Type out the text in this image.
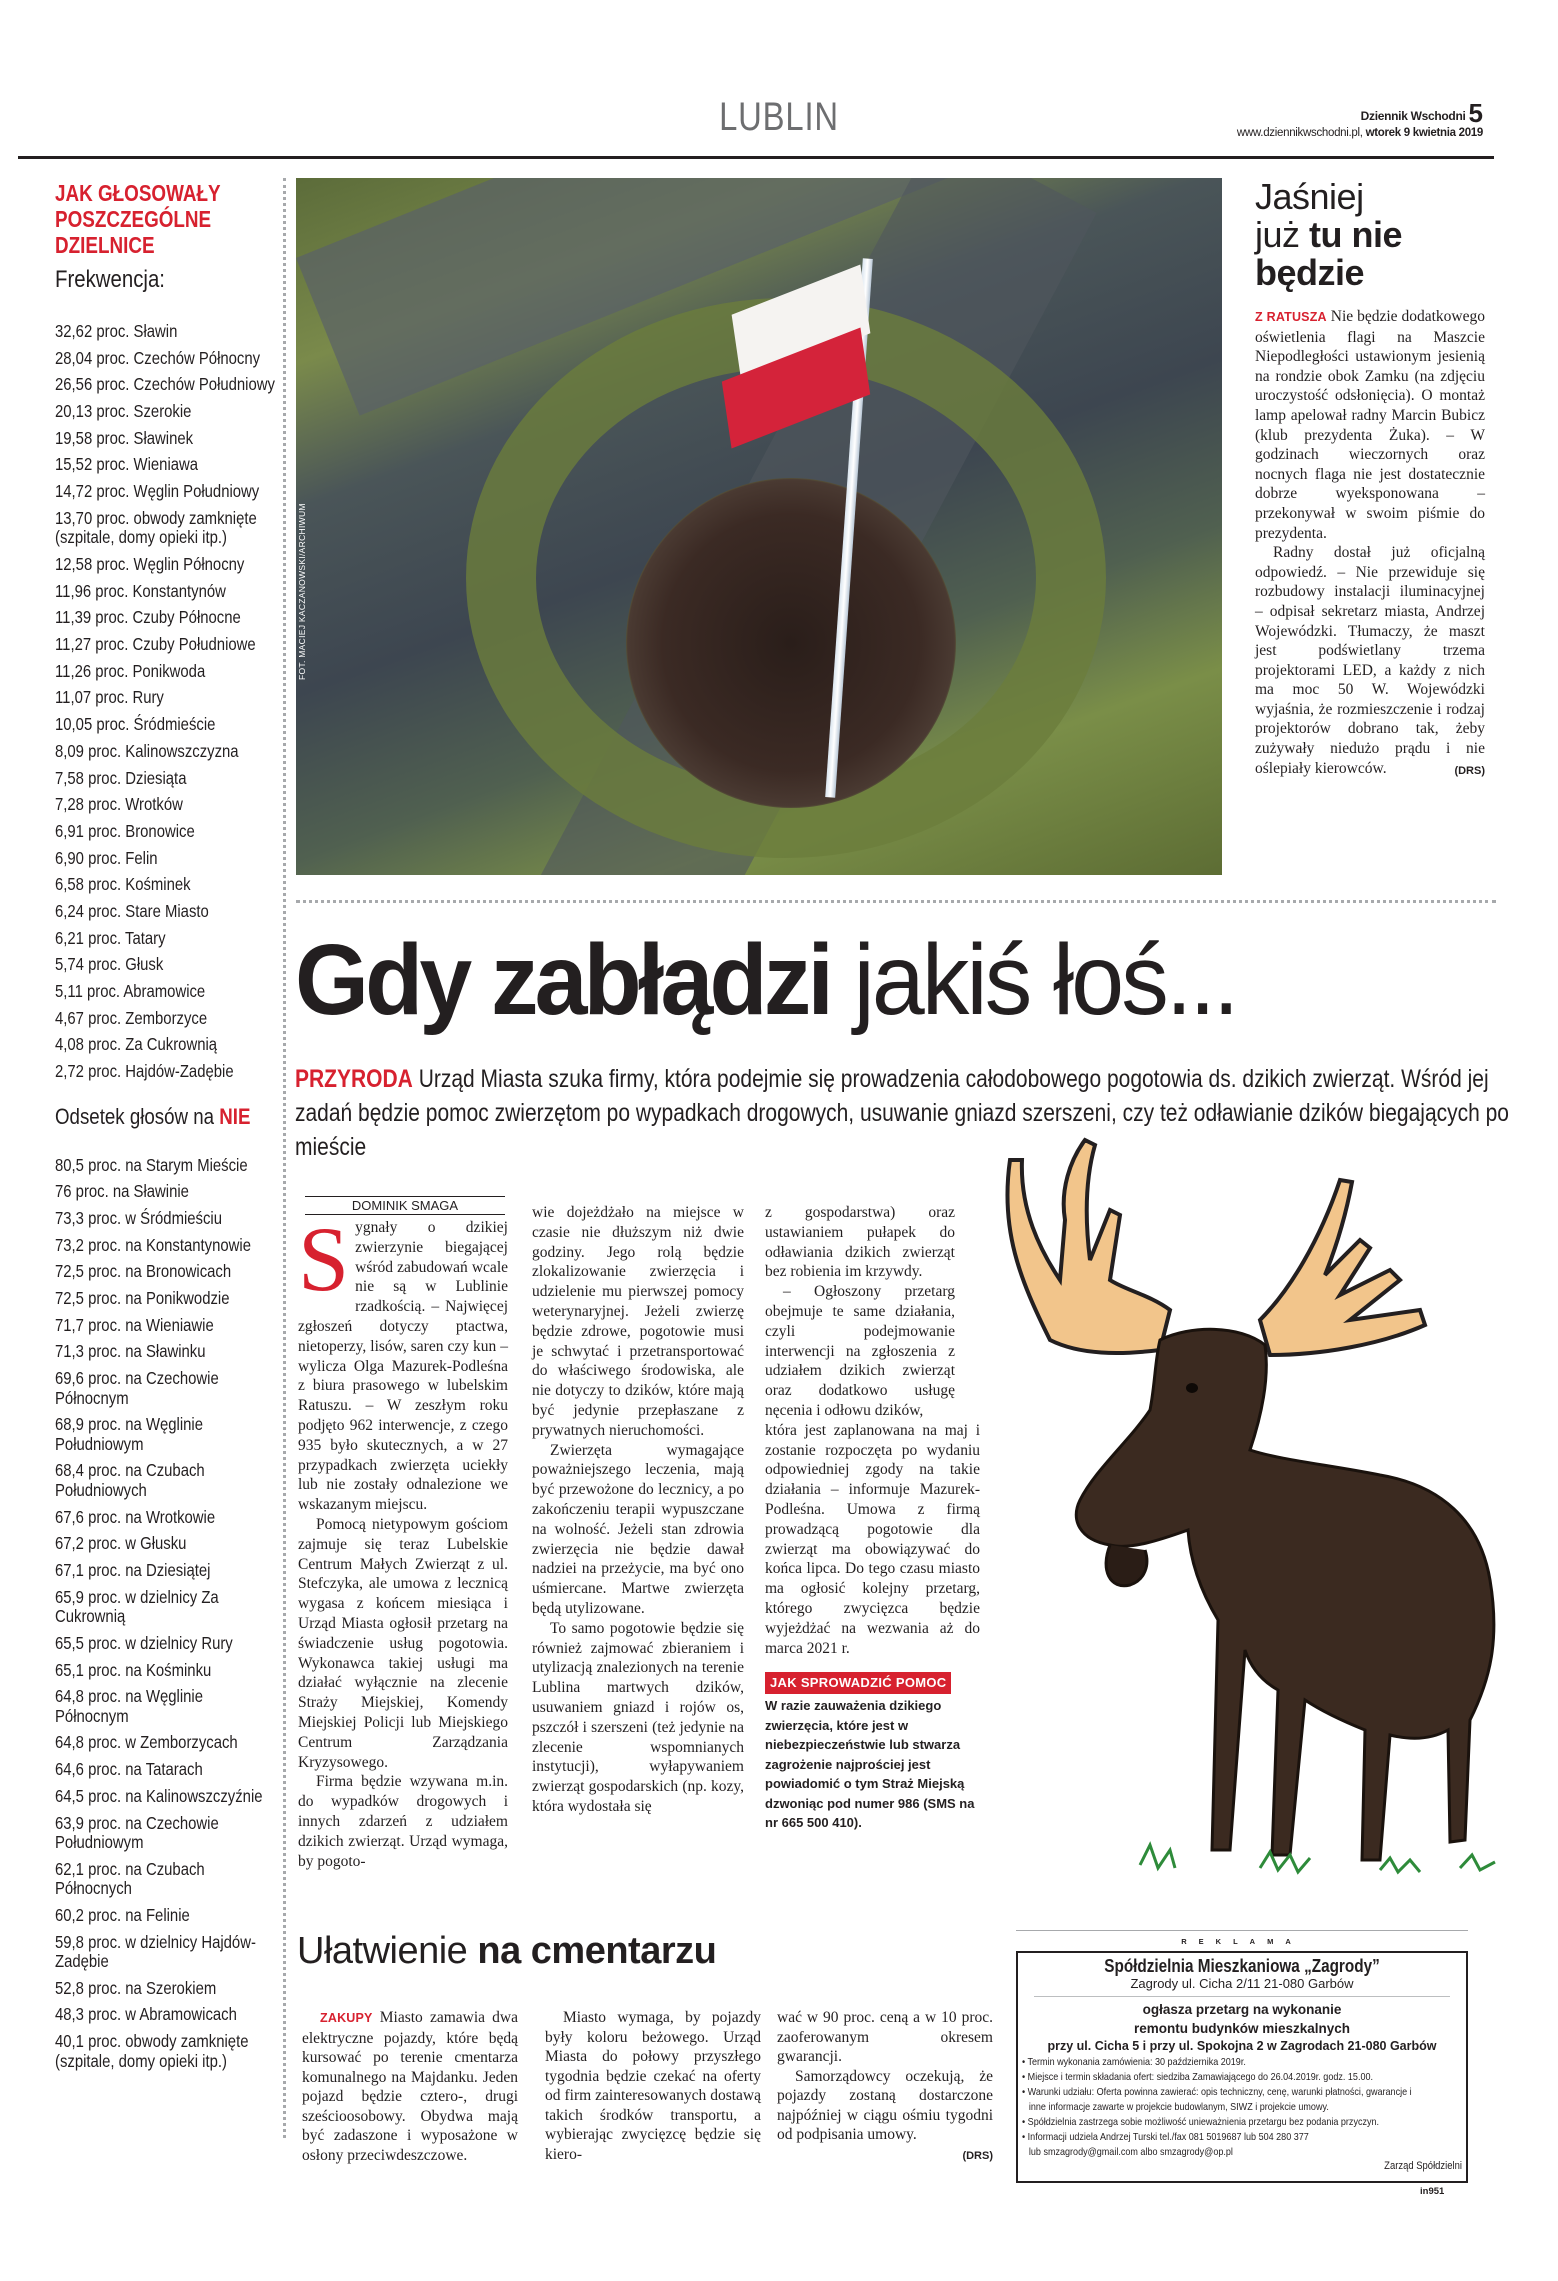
LUBLIN	Dziennik Wschodni 5
www.dziennikwschodni.pl, wtorek 9 kwietnia 2019
JAK GŁOSOWAŁY POSZCZEGÓLNE DZIELNICE
Frekwencja:
32,62 proc. Sławin
28,04 proc. Czechów Północny
26,56 proc. Czechów Południowy
20,13 proc. Szerokie
19,58 proc. Sławinek
15,52 proc. Wieniawa
14,72 proc. Węglin Południowy
13,70 proc. obwody zamknięte (szpitale, domy opieki itp.)
12,58 proc. Węglin Północny
11,96 proc. Konstantynów
11,39 proc. Czuby Północne
11,27 proc. Czuby Południowe
11,26 proc. Ponikwoda
11,07 proc. Rury
10,05 proc. Śródmieście
8,09 proc. Kalinowszczyzna
7,58 proc. Dziesiąta
7,28 proc. Wrotków
6,91 proc. Bronowice
6,90 proc. Felin
6,58 proc. Kośminek
6,24 proc. Stare Miasto
6,21 proc. Tatary
5,74 proc. Głusk
5,11 proc. Abramowice
4,67 proc. Zemborzyce
4,08 proc. Za Cukrownią
2,72 proc. Hajdów-Zadębie
Odsetek głosów na NIE
80,5 proc. na Starym Mieście
76 proc. na Sławinie
73,3 proc. w Śródmieściu
73,2 proc. na Konstantynowie
72,5 proc. na Bronowicach
72,5 proc. na Ponikwodzie
71,7 proc. na Wieniawie
71,3 proc. na Sławinku
69,6 proc. na Czechowie Północnym
68,9 proc. na Węglinie Południowym
68,4 proc. na Czubach Południowych
67,6 proc. na Wrotkowie
67,2 proc. w Głusku
67,1 proc. na Dziesiątej
65,9 proc. w dzielnicy Za Cukrownią
65,5 proc. w dzielnicy Rury
65,1 proc. na Kośminku
64,8 proc. na Węglinie Północnym
64,8 proc. w Zemborzycach
64,6 proc. na Tatarach
64,5 proc. na Kalinowszczyźnie
63,9 proc. na Czechowie Południowym
62,1 proc. na Czubach Północnych
60,2 proc. na Felinie
59,8 proc. w dzielnicy Hajdów-Zadębie
52,8 proc. na Szerokiem
48,3 proc. w Abramowicach
40,1 proc. obwody zamknięte (szpitale, domy opieki itp.)
FOT. MACIEJ KACZANOWSKI/ARCHIWUM
Jaśniej
już tu nie
będzie

Z RATUSZA Nie będzie dodatkowego oświetlenia flagi na Maszcie Niepodległości ustawionym jesienią na rondzie obok Zamku (na zdjęciu uroczystość odsłonięcia). O montaż lamp apelował radny Marcin Bubicz (klub prezydenta Żuka). – W godzinach wieczornych oraz nocnych flaga nie jest dostatecznie dobrze wyeksponowana – przekonywał w swoim piśmie do prezydenta.

Radny dostał już oficjalną odpowiedź. – Nie przewiduje się rozbudowy instalacji iluminacyjnej – odpisał sekretarz miasta, Andrzej Wojewódzki. Tłumaczy, że maszt jest podświetlany trzema projektorami LED, a każdy z nich ma moc 50 W. Wojewódzki wyjaśnia, że rozmieszczenie i rodzaj projektorów dobrano tak, żeby zużywały niedużo prądu i nie oślepiały kierowców.	(DRS)

Gdy zabłądzi jakiś łoś...
PRZYRODA Urząd Miasta szuka firmy, która podejmie się prowadzenia całodobowego pogotowia ds. dzikich zwierząt. Wśród jej zadań będzie pomoc zwierzętom po wypadkach drogowych, usuwanie gniazd szerszeni, czy też odławianie dzików biegających po mieście
DOMINIK SMAGA

Sygnały o dzikiej zwierzynie biegającej wśród zabudowań wcale nie są w Lublinie rzadkością. – Najwięcej zgłoszeń dotyczy ptactwa, nietoperzy, lisów, saren czy kun – wylicza Olga Mazurek-Podleśna z biura prasowego w lubelskim Ratuszu. – W zeszłym roku podjęto 962 interwencje, z czego 935 było skutecznych, a w 27 przypadkach zwierzęta uciekły lub nie zostały odnalezione we wskazanym miejscu.

Pomocą nietypowym gościom zajmuje się teraz Lubelskie Centrum Małych Zwierząt z ul. Stefczyka, ale umowa z lecznicą wygasa z końcem miesiąca i Urząd Miasta ogłosił przetarg na świadczenie usług pogotowia. Wykonawca takiej usługi ma działać wyłącznie na zlecenie Straży Miejskiej, Komendy Miejskiej Policji lub Miejskiego Centrum Zarządzania Kryzysowego.

Firma będzie wzywana m.in. do wypadków drogowych i innych zdarzeń z udziałem dzikich zwierząt. Urząd wymaga, by pogoto-

wie dojeżdżało na miejsce w czasie nie dłuższym niż dwie godziny. Jego rolą będzie zlokalizowanie zwierzęcia i udzielenie mu pierwszej pomocy weterynaryjnej. Jeżeli zwierzę będzie zdrowe, pogotowie musi je schwytać i przetransportować do właściwego środowiska, ale nie dotyczy to dzików, które mają być jedynie przepłaszane z prywatnych nieruchomości.

Zwierzęta wymagające poważniejszego leczenia, mają być przewożone do lecznicy, a po zakończeniu terapii wypuszczane na wolność. Jeżeli stan zdrowia zwierzęcia nie będzie dawał nadziei na przeżycie, ma być ono uśmiercane. Martwe zwierzęta będą utylizowane.

To samo pogotowie będzie się również zajmować zbieraniem i utylizacją znalezionych na terenie Lublina martwych dzików, usuwaniem gniazd i rojów os, pszczół i szerszeni (też jedynie na zlecenie wspomnianych instytucji), wyłapywaniem zwierząt gospodarskich (np. kozy, która wydostała się

z gospodarstwa) oraz ustawianiem pułapek do odławiania dzikich zwierząt bez robienia im krzywdy.

– Ogłoszony przetarg obejmuje te same działania, czyli podejmowanie interwencji na zgłoszenia z udziałem dzikich zwierząt oraz dodatkowo usługę nęcenia i odłowu dzików,

która jest zaplanowana na maj i zostanie rozpoczęta po wydaniu odpowiedniej zgody na takie działania – informuje Mazurek-Podleśna. Umowa z firmą prowadzącą pogotowie dla zwierząt ma obowiązywać do końca lipca. Do tego czasu miasto ma ogłosić kolejny przetarg, którego zwycięzca będzie wyjeżdżać na wezwania aż do marca 2021 r.

JAK SPROWADZIĆ POMOC
W razie zauważenia dzikiego zwierzęcia, które jest w niebezpieczeństwie lub stwarza zagrożenie najprościej jest powiadomić o tym Straż Miejską dzwoniąc pod numer 986 (SMS na nr 665 500 410).
Ułatwienie na cmentarzu

ZAKUPY Miasto zamawia dwa elektryczne pojazdy, które będą kursować po terenie cmentarza komunalnego na Majdanku. Jeden pojazd będzie cztero-, drugi sześcioosobowy. Obydwa mają być zadaszone i wyposażone w osłony przeciwdeszczowe.

Miasto wymaga, by pojazdy były koloru beżowego. Urząd Miasta do połowy przyszłego tygodnia będzie czekać na oferty od firm zainteresowanych dostawą takich środków transportu, a wybierając zwycięzcę będzie się kiero-

wać w 90 proc. ceną a w 10 proc. zaoferowanym okresem gwarancji.

Samorządowcy oczekują, że pojazdy zostaną dostarczone najpóźniej w ciągu ośmiu tygodni od podpisania umowy.

(DRS)
REKLAMA
Spółdzielnia Mieszkaniowa „Zagrody”
Zagrody ul. Cicha 2/11 21-080 Garbów
ogłasza przetarg na wykonanie
remontu budynków mieszkalnych
przy ul. Cicha 5 i przy ul. Spokojna 2 w Zagrodach 21-080 Garbów
• Termin wykonania zamówienia: 30 października 2019r.
• Miejsce i termin składania ofert: siedziba Zamawiającego do 26.04.2019r. godz. 15.00.
• Warunki udziału: Oferta powinna zawierać: opis techniczny, cenę, warunki płatności, gwarancje i
inne informacje zawarte w projekcie budowlanym, SIWZ i projekcie umowy.
• Spółdzielnia zastrzega sobie możliwość unieważnienia przetargu bez podania przyczyn.
• Informacji udziela Andrzej Turski tel./fax 081 5019687 lub 504 280 377
lub smzagrody@gmail.com albo smzagrody@op.pl
Zarząd Spółdzielni
in951
